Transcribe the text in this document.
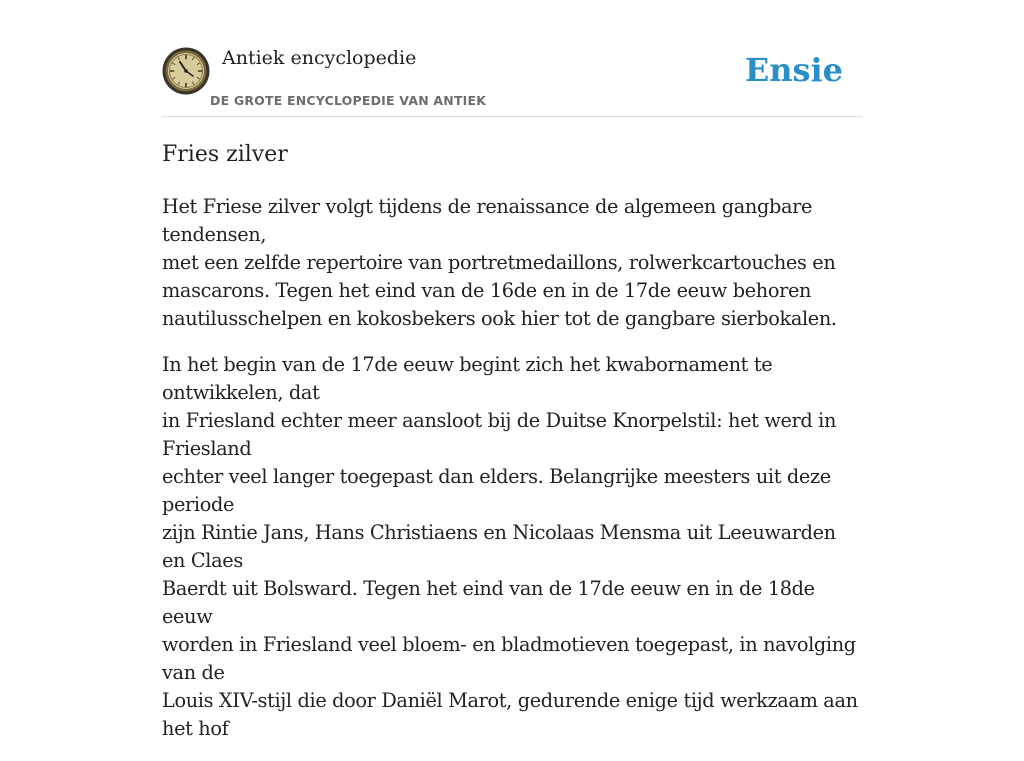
Antiek encyclopedie
DE GROTE ENCYCLOPEDIE VAN ANTIEK
Ensie
Fries zilver

Het Friese zilver volgt tijdens de renaissance de algemeen gangbare tendensen,
met een zelfde repertoire van portretmedaillons, rolwerkcartouches en
mascarons. Tegen het eind van de 16de en in de 17de eeuw behoren
nautilusschelpen en kokosbekers ook hier tot de gangbare sierbokalen.

In het begin van de 17de eeuw begint zich het kwabornament te ontwikkelen, dat
in Friesland echter meer aansloot bij de Duitse Knorpelstil: het werd in Friesland
echter veel langer toegepast dan elders. Belangrijke meesters uit deze periode
zijn Rintie Jans, Hans Christiaens en Nicolaas Mensma uit Leeuwarden en Claes
Baerdt uit Bolsward. Tegen het eind van de 17de eeuw en in de 18de eeuw
worden in Friesland veel bloem- en bladmotieven toegepast, in navolging van de
Louis XIV-stijl die door Daniël Marot, gedurende enige tijd werkzaam aan het hof
